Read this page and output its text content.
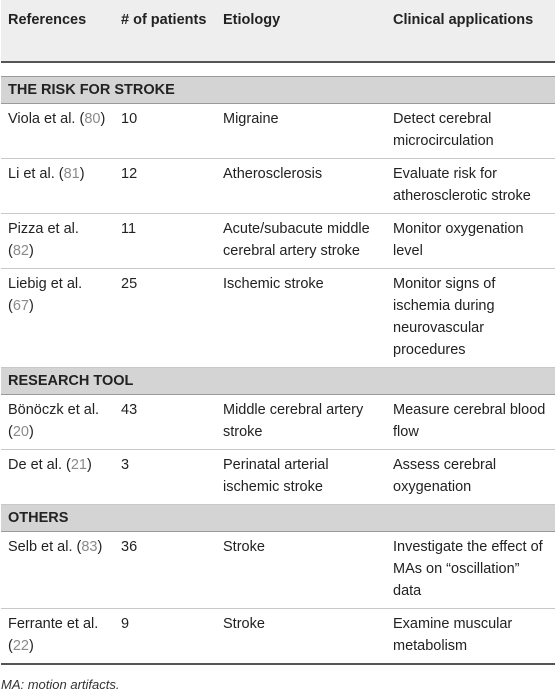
References	# of patients	Etiology	Clinical applications

THE RISK FOR STROKE			
Viola et al. (80)	10	Migraine	Detect cerebral microcirculation
Li et al. (81)	12	Atherosclerosis	Evaluate risk for atherosclerotic stroke
Pizza et al. (82)	11	Acute/subacute middle cerebral artery stroke	Monitor oxygenation level
Liebig et al. (67)	25	Ischemic stroke	Monitor signs of ischemia during neurovascular procedures
RESEARCH TOOL			
Bönöczk et al. (20)	43	Middle cerebral artery stroke	Measure cerebral blood flow
De et al. (21)	3	Perinatal arterial ischemic stroke	Assess cerebral oxygenation
OTHERS			
Selb et al. (83)	36	Stroke	Investigate the effect of MAs on “oscillation” data
Ferrante et al. (22)	9	Stroke	Examine muscular metabolism
MA: motion artifacts.
